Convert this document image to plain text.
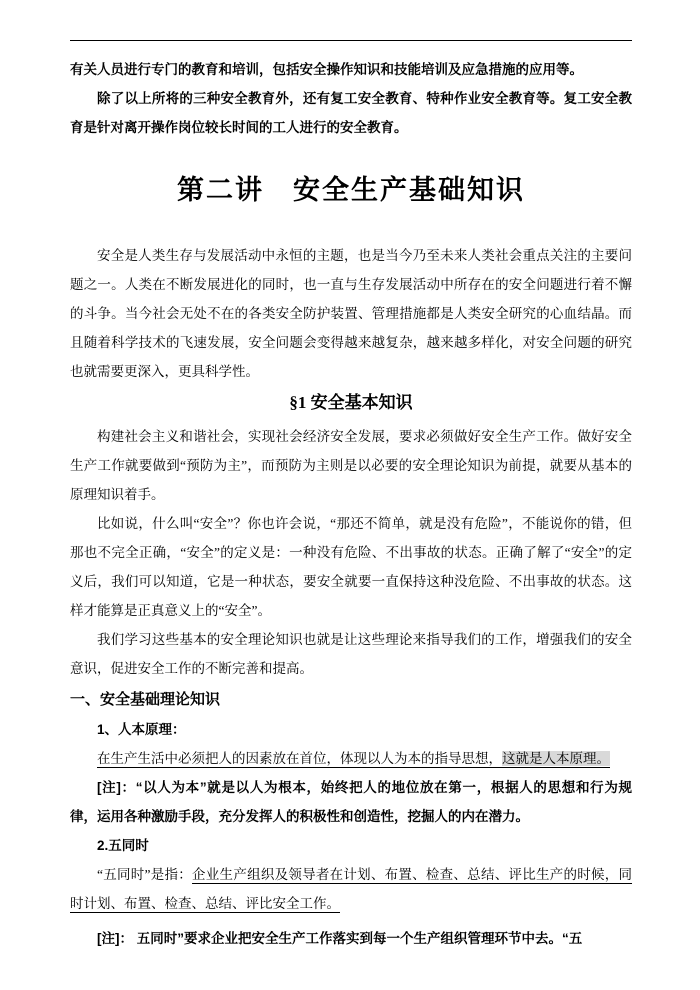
有关人员进行专门的教育和培训，包括安全操作知识和技能培训及应急措施的应用等。

除了以上所将的三种安全教育外，还有复工安全教育、特种作业安全教育等。复工安全教育是针对离开操作岗位较长时间的工人进行的安全教育。

第二讲　安全生产基础知识

安全是人类生存与发展活动中永恒的主题，也是当今乃至未来人类社会重点关注的主要问题之一。人类在不断发展进化的同时，也一直与生存发展活动中所存在的安全问题进行着不懈的斗争。当今社会无处不在的各类安全防护装置、管理措施都是人类安全研究的心血结晶。而且随着科学技术的飞速发展，安全问题会变得越来越复杂，越来越多样化，对安全问题的研究也就需要更深入，更具科学性。

§1 安全基本知识

构建社会主义和谐社会，实现社会经济安全发展，要求必须做好安全生产工作。做好安全生产工作就要做到“预防为主”，而预防为主则是以必要的安全理论知识为前提，就要从基本的原理知识着手。

比如说，什么叫“安全”？你也许会说，“那还不简单，就是没有危险”，不能说你的错，但那也不完全正确，“安全”的定义是：一种没有危险、不出事故的状态。正确了解了“安全”的定义后，我们可以知道，它是一种状态，要安全就要一直保持这种没危险、不出事故的状态。这样才能算是正真意义上的“安全”。

我们学习这些基本的安全理论知识也就是让这些理论来指导我们的工作，增强我们的安全意识，促进安全工作的不断完善和提高。

一、安全基础理论知识

1、人本原理：

在生产生活中必须把人的因素放在首位，体现以人为本的指导思想，这就是人本原理。

[注]：“以人为本”就是以人为根本，始终把人的地位放在第一，根据人的思想和行为规律，运用各种激励手段，充分发挥人的积极性和创造性，挖掘人的内在潜力。

2.五同时

“五同时”是指：企业生产组织及领导者在计划、布置、检查、总结、评比生产的时候，同时计划、布置、检查、总结、评比安全工作。

[注]： 五同时”要求企业把安全生产工作落实到每一个生产组织管理环节中去。“五
